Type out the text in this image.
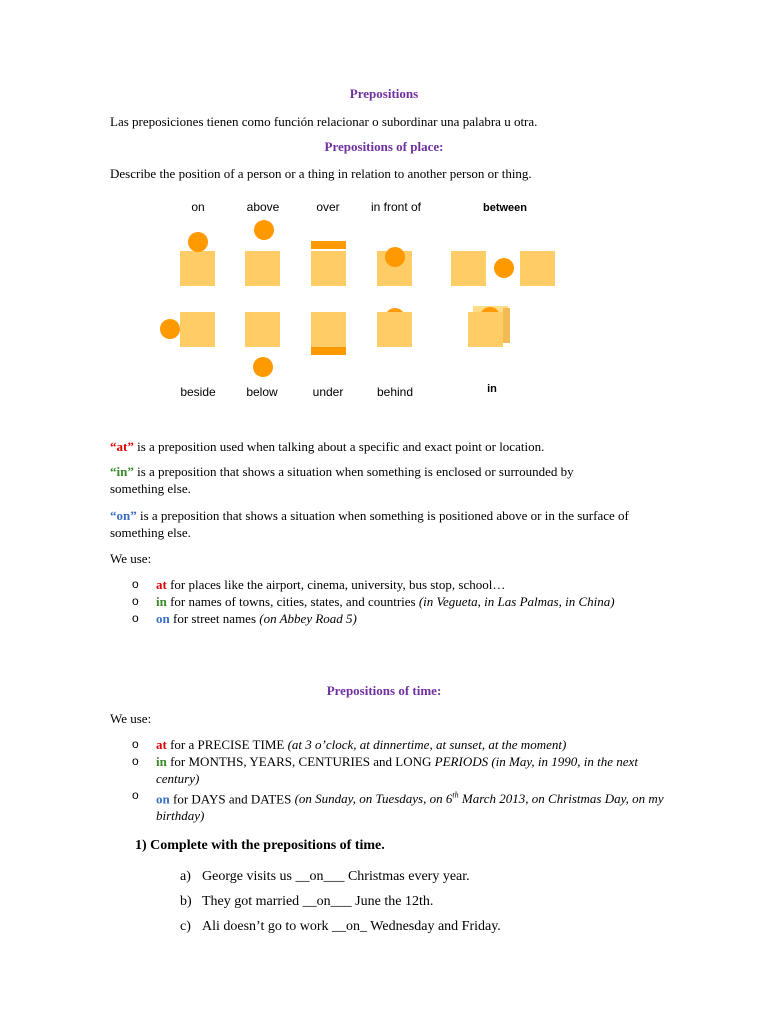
Prepositions
Las preposiciones tienen como función relacionar o subordinar una palabra u otra.
Prepositions of place:
Describe the position of a person or a thing in relation to another person or thing.
on	above	over	in front of	between
beside	below	under	behind	in
“at” is a preposition used when talking about a specific and exact point or location.
“in” is a preposition that shows a situation when something is enclosed or surrounded by something else.
“on” is a preposition that shows a situation when something is positioned above or in the surface of something else.
We use:
o at for places like the airport, cinema, university, bus stop, school…
o in for names of towns, cities, states, and countries (in Vegueta, in Las Palmas, in China)
o on for street names (on Abbey Road 5)
Prepositions of time:
We use:
o at for a PRECISE TIME (at 3 o’clock, at dinnertime, at sunset, at the moment)
o in for MONTHS, YEARS, CENTURIES and LONG PERIODS (in May, in 1990, in the next century)
o on for DAYS and DATES (on Sunday, on Tuesdays, on 6th March 2013, on Christmas Day, on my birthday)
1) Complete with the prepositions of time.
a) George visits us __on___ Christmas every year.
b) They got married __on___ June the 12th.
c) Ali doesn’t go to work __on_ Wednesday and Friday.
